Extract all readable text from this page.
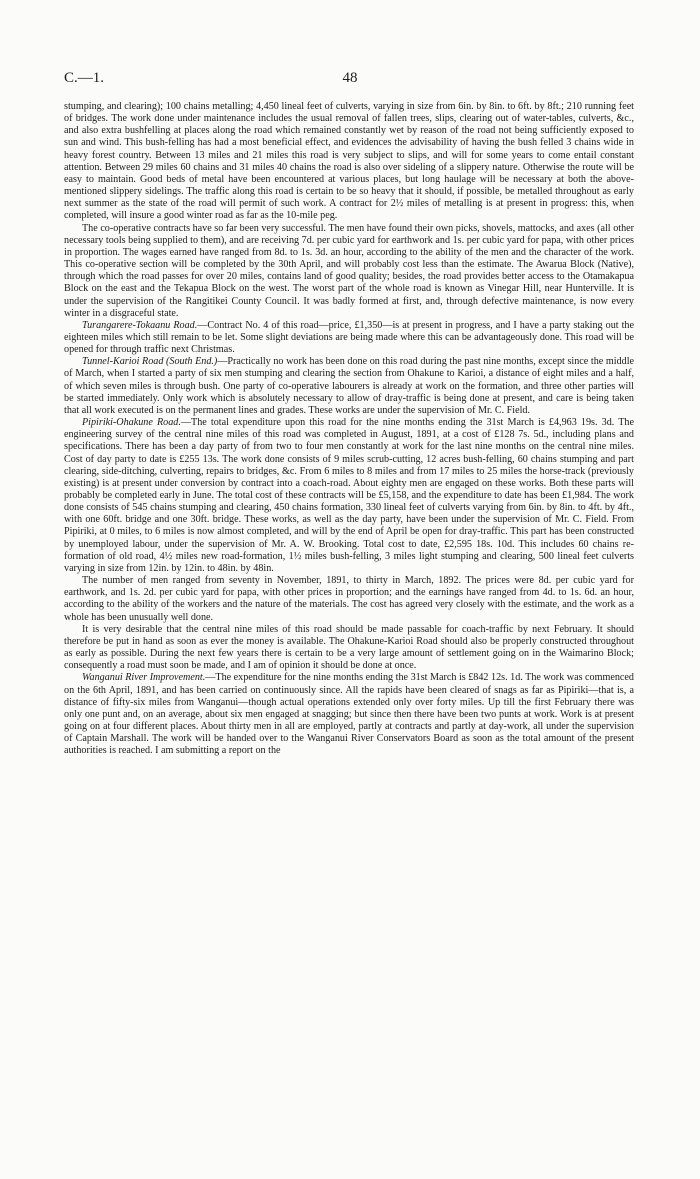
C.—1.	48

stumping, and clearing); 100 chains metalling; 4,450 lineal feet of culverts, varying in size from 6in. by 8in. to 6ft. by 8ft.; 210 running feet of bridges. The work done under maintenance includes the usual removal of fallen trees, slips, clearing out of water-tables, culverts, &c., and also extra bushfelling at places along the road which remained constantly wet by reason of the road not being sufficiently exposed to sun and wind. This bush-felling has had a most beneficial effect, and evidences the advisability of having the bush felled 3 chains wide in heavy forest country. Between 13 miles and 21 miles this road is very subject to slips, and will for some years to come entail constant attention. Between 29 miles 60 chains and 31 miles 40 chains the road is also over sideling of a slippery nature. Otherwise the route will be easy to maintain. Good beds of metal have been encountered at various places, but long haulage will be necessary at both the above-mentioned slippery sidelings. The traffic along this road is certain to be so heavy that it should, if possible, be metalled throughout as early next summer as the state of the road will permit of such work. A contract for 2½ miles of metalling is at present in progress: this, when completed, will insure a good winter road as far as the 10-mile peg.

The co-operative contracts have so far been very successful. The men have found their own picks, shovels, mattocks, and axes (all other necessary tools being supplied to them), and are receiving 7d. per cubic yard for earthwork and 1s. per cubic yard for papa, with other prices in proportion. The wages earned have ranged from 8d. to 1s. 3d. an hour, according to the ability of the men and the character of the work. This co-operative section will be completed by the 30th April, and will probably cost less than the estimate. The Awarua Block (Native), through which the road passes for over 20 miles, contains land of good quality; besides, the road provides better access to the Otamakapua Block on the east and the Tekapua Block on the west. The worst part of the whole road is known as Vinegar Hill, near Hunterville. It is under the supervision of the Rangitikei County Council. It was badly formed at first, and, through defective maintenance, is now every winter in a disgraceful state.

Turangarere-Tokaanu Road.—Contract No. 4 of this road—price, £1,350—is at present in progress, and I have a party staking out the eighteen miles which still remain to be let. Some slight deviations are being made where this can be advantageously done. This road will be opened for through traffic next Christmas.

Tunnel-Karioi Road (South End.)—Practically no work has been done on this road during the past nine months, except since the middle of March, when I started a party of six men stumping and clearing the section from Ohakune to Karioi, a distance of eight miles and a half, of which seven miles is through bush. One party of co-operative labourers is already at work on the formation, and three other parties will be started immediately. Only work which is absolutely necessary to allow of dray-traffic is being done at present, and care is being taken that all work executed is on the permanent lines and grades. These works are under the supervision of Mr. C. Field.

Pipiriki-Ohakune Road.—The total expenditure upon this road for the nine months ending the 31st March is £4,963 19s. 3d. The engineering survey of the central nine miles of this road was completed in August, 1891, at a cost of £128 7s. 5d., including plans and specifications. There has been a day party of from two to four men constantly at work for the last nine months on the central nine miles. Cost of day party to date is £255 13s. The work done consists of 9 miles scrub-cutting, 12 acres bush-felling, 60 chains stumping and part clearing, side-ditching, culverting, repairs to bridges, &c. From 6 miles to 8 miles and from 17 miles to 25 miles the horse-track (previously existing) is at present under conversion by contract into a coach-road. About eighty men are engaged on these works. Both these parts will probably be completed early in June. The total cost of these contracts will be £5,158, and the expenditure to date has been £1,984. The work done consists of 545 chains stumping and clearing, 450 chains formation, 330 lineal feet of culverts varying from 6in. by 8in. to 4ft. by 4ft., with one 60ft. bridge and one 30ft. bridge. These works, as well as the day party, have been under the supervision of Mr. C. Field. From Pipiriki, at 0 miles, to 6 miles is now almost completed, and will by the end of April be open for dray-traffic. This part has been constructed by unemployed labour, under the supervision of Mr. A. W. Brooking. Total cost to date, £2,595 18s. 10d. This includes 60 chains re-formation of old road, 4½ miles new road-formation, 1½ miles bush-felling, 3 miles light stumping and clearing, 500 lineal feet culverts varying in size from 12in. by 12in. to 48in. by 48in.

The number of men ranged from seventy in November, 1891, to thirty in March, 1892. The prices were 8d. per cubic yard for earthwork, and 1s. 2d. per cubic yard for papa, with other prices in proportion; and the earnings have ranged from 4d. to 1s. 6d. an hour, according to the ability of the workers and the nature of the materials. The cost has agreed very closely with the estimate, and the work as a whole has been unusually well done.

It is very desirable that the central nine miles of this road should be made passable for coach-traffic by next February. It should therefore be put in hand as soon as ever the money is available. The Ohakune-Karioi Road should also be properly constructed throughout as early as possible. During the next few years there is certain to be a very large amount of settlement going on in the Waimarino Block; consequently a road must soon be made, and I am of opinion it should be done at once.

Wanganui River Improvement.—The expenditure for the nine months ending the 31st March is £842 12s. 1d. The work was commenced on the 6th April, 1891, and has been carried on continuously since. All the rapids have been cleared of snags as far as Pipiriki—that is, a distance of fifty-six miles from Wanganui—though actual operations extended only over forty miles. Up till the first February there was only one punt and, on an average, about six men engaged at snagging; but since then there have been two punts at work. Work is at present going on at four different places. About thirty men in all are employed, partly at contracts and partly at day-work, all under the supervision of Captain Marshall. The work will be handed over to the Wanganui River Conservators Board as soon as the total amount of the present authorities is reached. I am submitting a report on the
